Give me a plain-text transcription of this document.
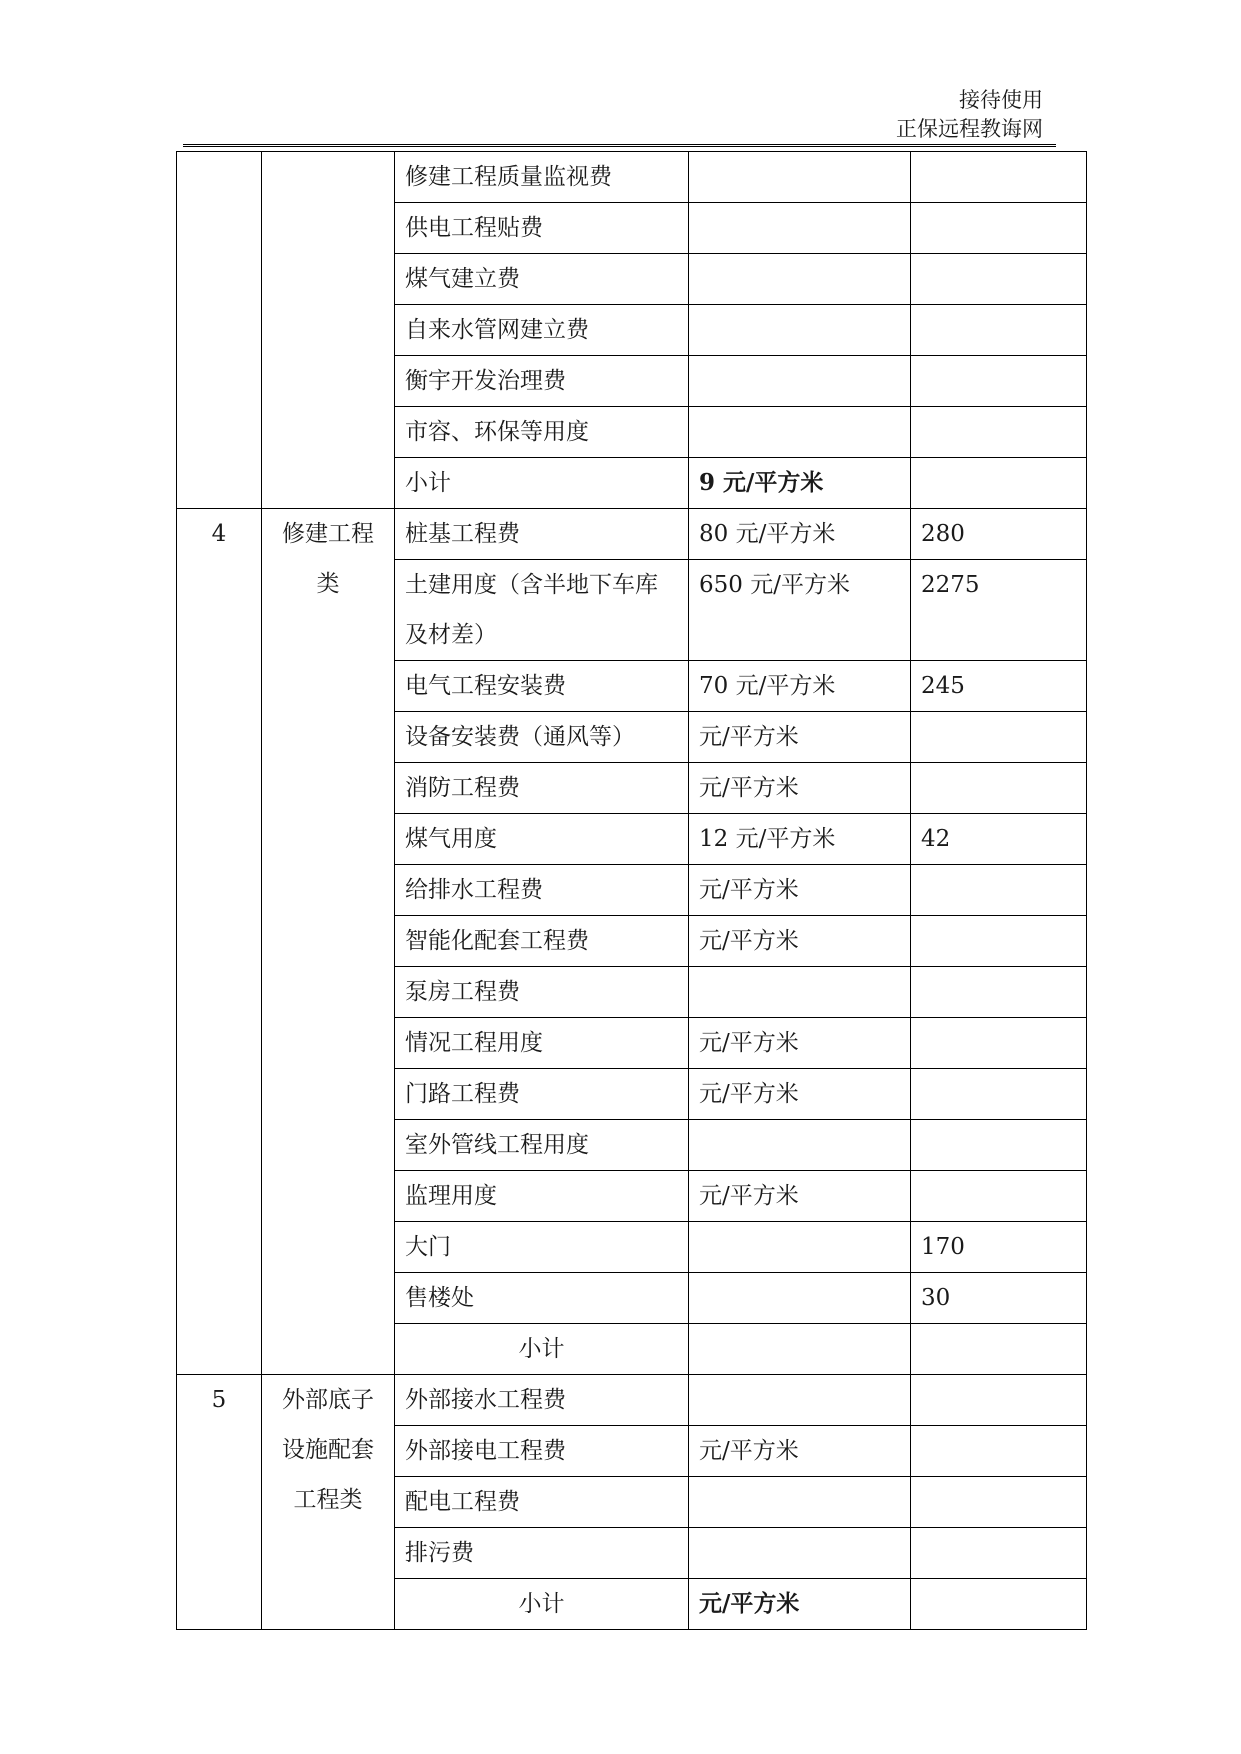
接待使用
正保远程教诲网
		修建工程质量监视费		
		供电工程贴费		
		煤气建立费		
		自来水管网建立费		
		衡宇开发治理费		
		市容、环保等用度		
		小计	9 元/平方米	
4	修建工程类	桩基工程费	80 元/平方米	280
		土建用度（含半地下车库及材差）	650 元/平方米	2275
		电气工程安装费	70 元/平方米	245
		设备安装费（通风等）	元/平方米	
		消防工程费	元/平方米	
		煤气用度	12 元/平方米	42
		给排水工程费	元/平方米	
		智能化配套工程费	元/平方米	
		泵房工程费		
		情况工程用度	元/平方米	
		门路工程费	元/平方米	
		室外管线工程用度		
		监理用度	元/平方米	
		大门		170
		售楼处		30
		小计		
5	外部底子设施配套工程类	外部接水工程费		
		外部接电工程费	元/平方米	
		配电工程费		
		排污费		
		小计	元/平方米	
